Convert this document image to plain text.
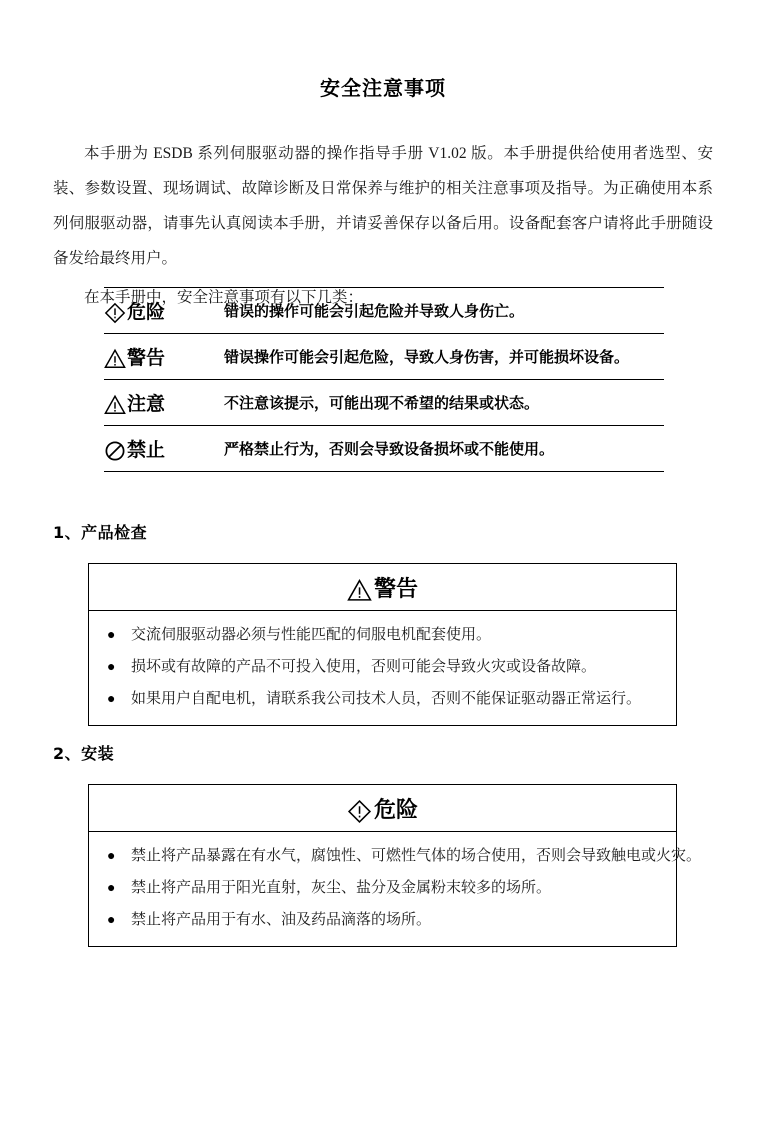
安全注意事项

本手册为 ESDB 系列伺服驱动器的操作指导手册 V1.02 版。本手册提供给使用者选型、安装、参数设置、现场调试、故障诊断及日常保养与维护的相关注意事项及指导。为正确使用本系列伺服驱动器，请事先认真阅读本手册，并请妥善保存以备后用。设备配套客户请将此手册随设备发给最终用户。

在本手册中，安全注意事项有以下几类：

危险	错误的操作可能会引起危险并导致人身伤亡。
警告	错误操作可能会引起危险，导致人身伤害，并可能损坏设备。
注意	不注意该提示，可能出现不希望的结果或状态。
禁止	严格禁止行为，否则会导致设备损坏或不能使用。
1、产品检查
警告
●	交流伺服驱动器必须与性能匹配的伺服电机配套使用。
●	损坏或有故障的产品不可投入使用，否则可能会导致火灾或设备故障。
●	如果用户自配电机，请联系我公司技术人员，否则不能保证驱动器正常运行。
2、安装
危险
●	禁止将产品暴露在有水气，腐蚀性、可燃性气体的场合使用，否则会导致触电或火灾。
●	禁止将产品用于阳光直射，灰尘、盐分及金属粉末较多的场所。
●	禁止将产品用于有水、油及药品滴落的场所。
